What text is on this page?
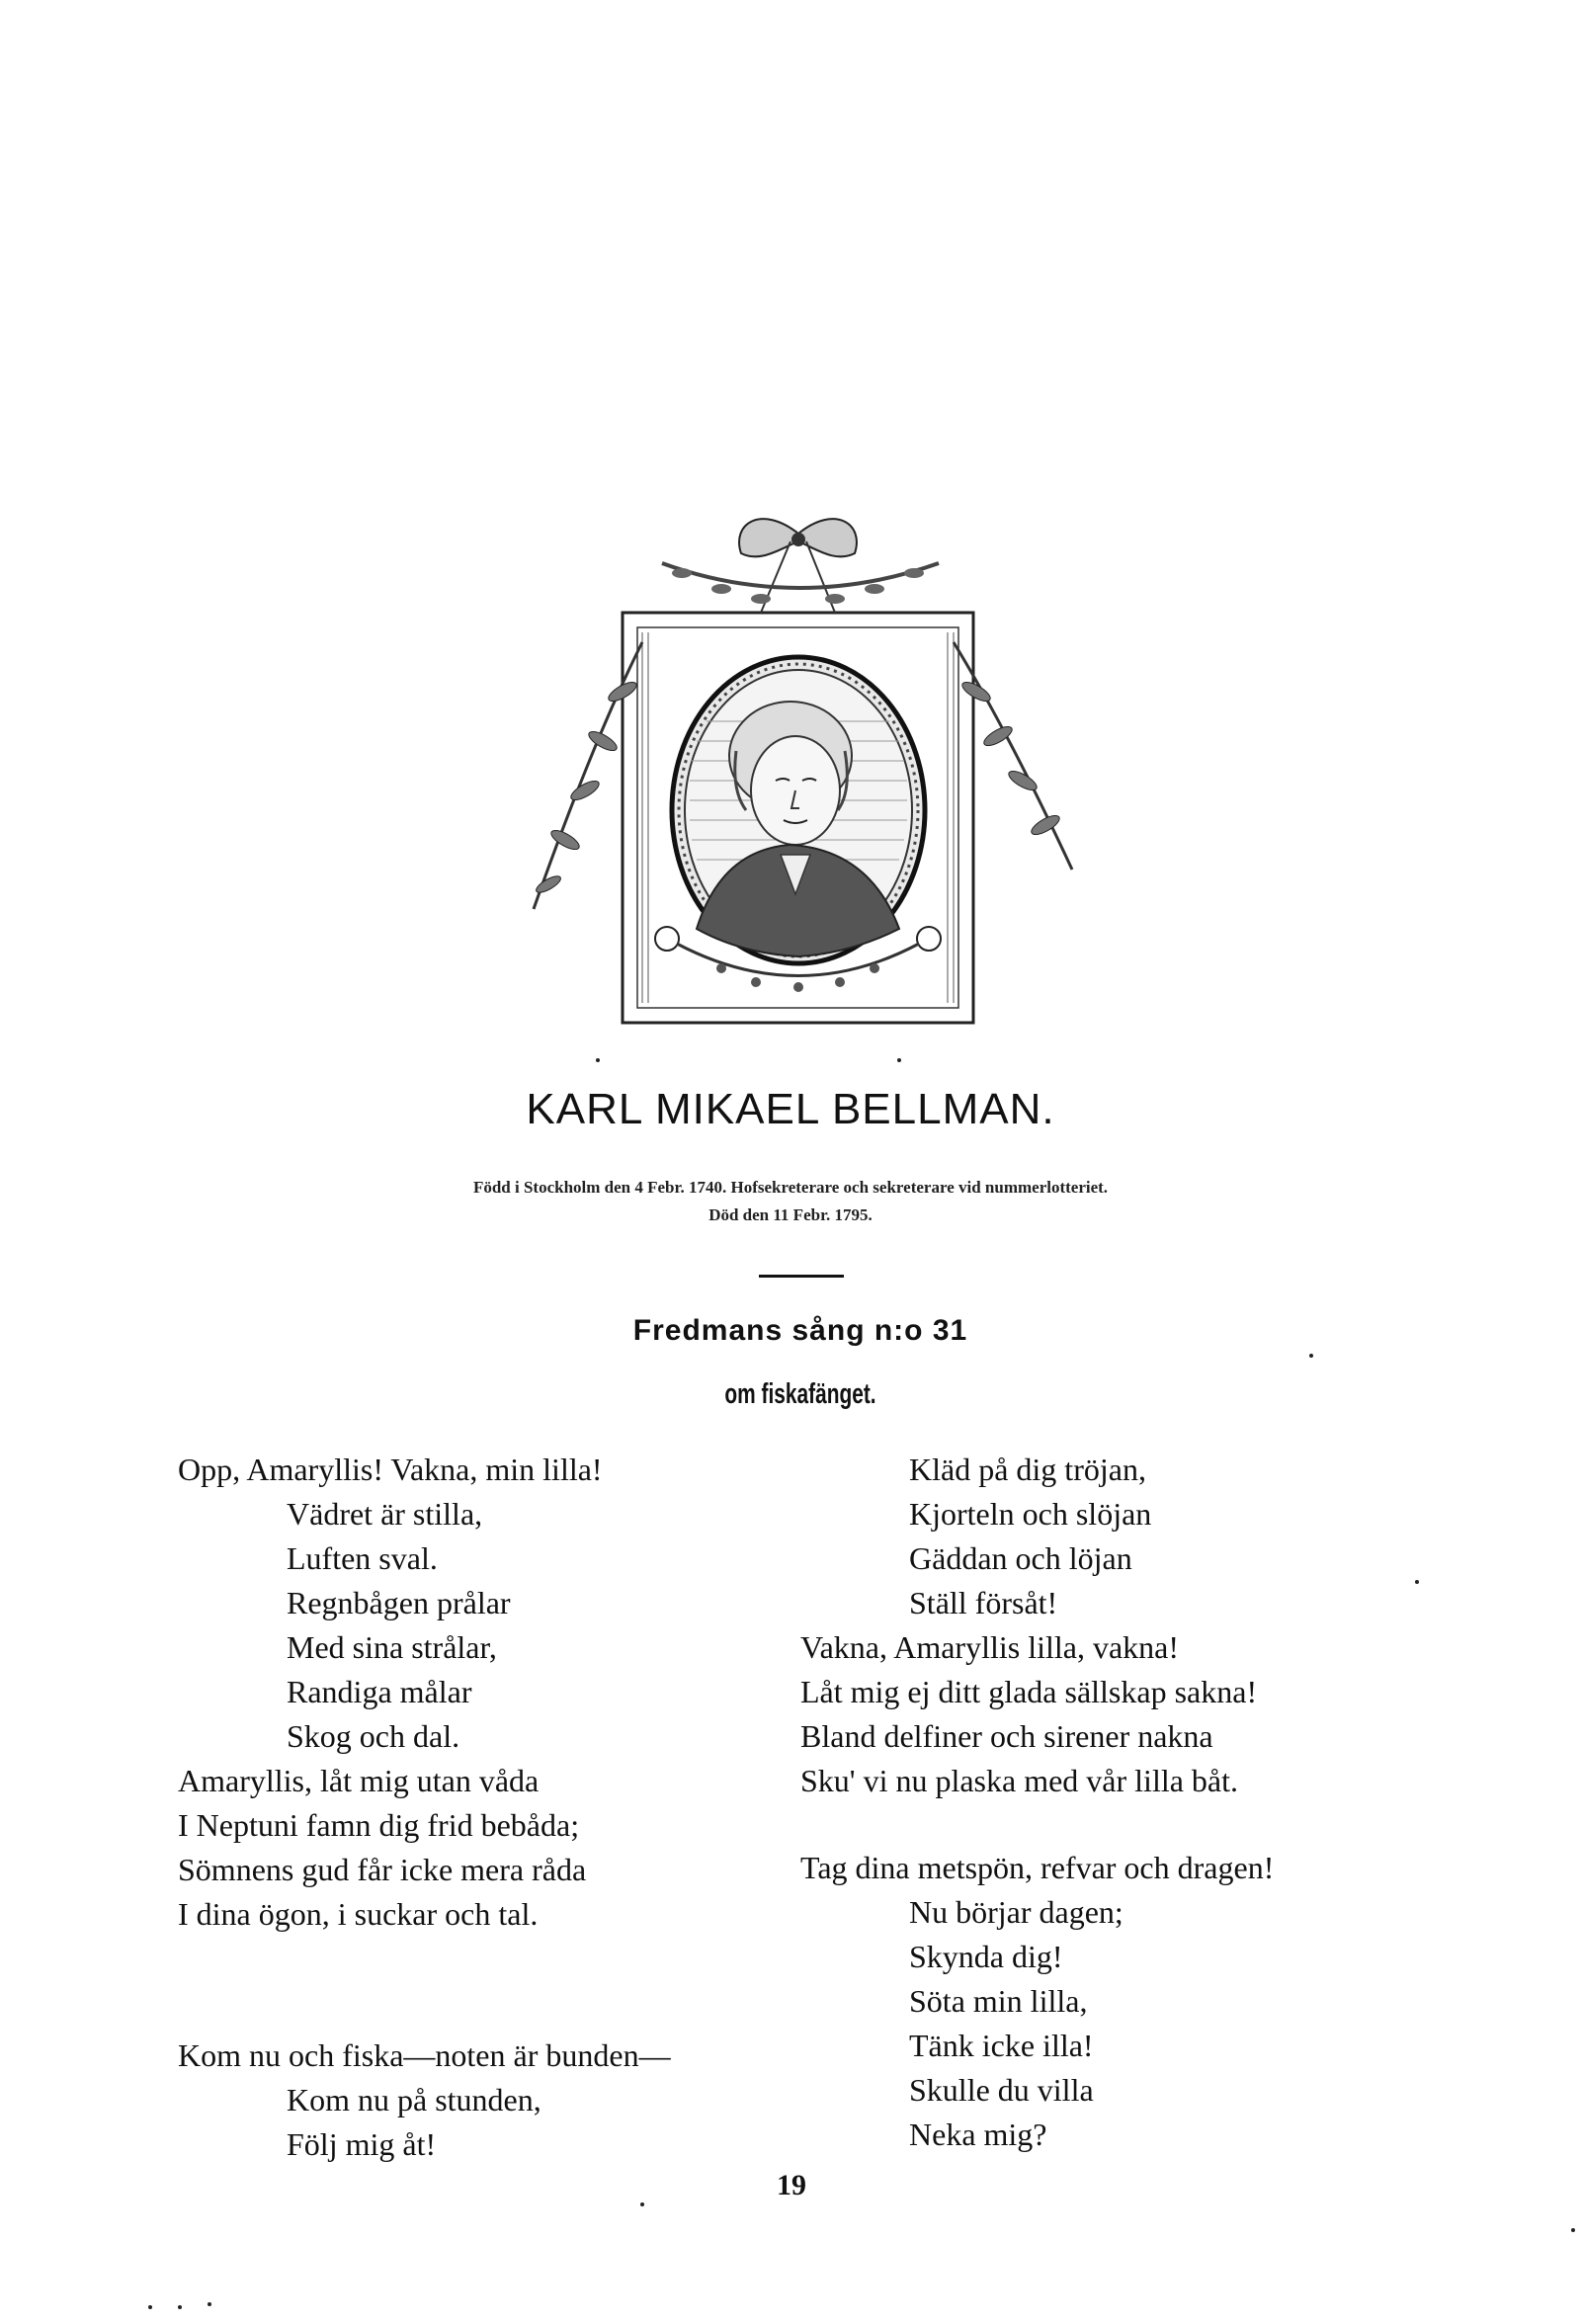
KARL MIKAEL BELLMAN.
Född i Stockholm den 4 Febr. 1740. Hofsekreterare och sekreterare vid nummerlotteriet.
Död den 11 Febr. 1795.
Fredmans sång n:o 31
om fiskafänget.
Opp, Amaryllis! Vakna, min lilla!
Vädret är stilla,
Luften sval.
Regnbågen prålar
Med sina strålar,
Randiga målar
Skog och dal.
Amaryllis, låt mig utan våda
I Neptuni famn dig frid bebåda;
Sömnens gud får icke mera råda
I dina ögon, i suckar och tal.
Kom nu och fiska—noten är bunden—
Kom nu på stunden,
Följ mig åt!
Kläd på dig tröjan,
Kjorteln och slöjan
Gäddan och löjan
Ställ försåt!
Vakna, Amaryllis lilla, vakna!
Låt mig ej ditt glada sällskap sakna!
Bland delfiner och sirener nakna
Sku' vi nu plaska med vår lilla båt.
Tag dina metspön, refvar och dragen!
Nu börjar dagen;
Skynda dig!
Söta min lilla,
Tänk icke illa!
Skulle du villa
Neka mig?
19
